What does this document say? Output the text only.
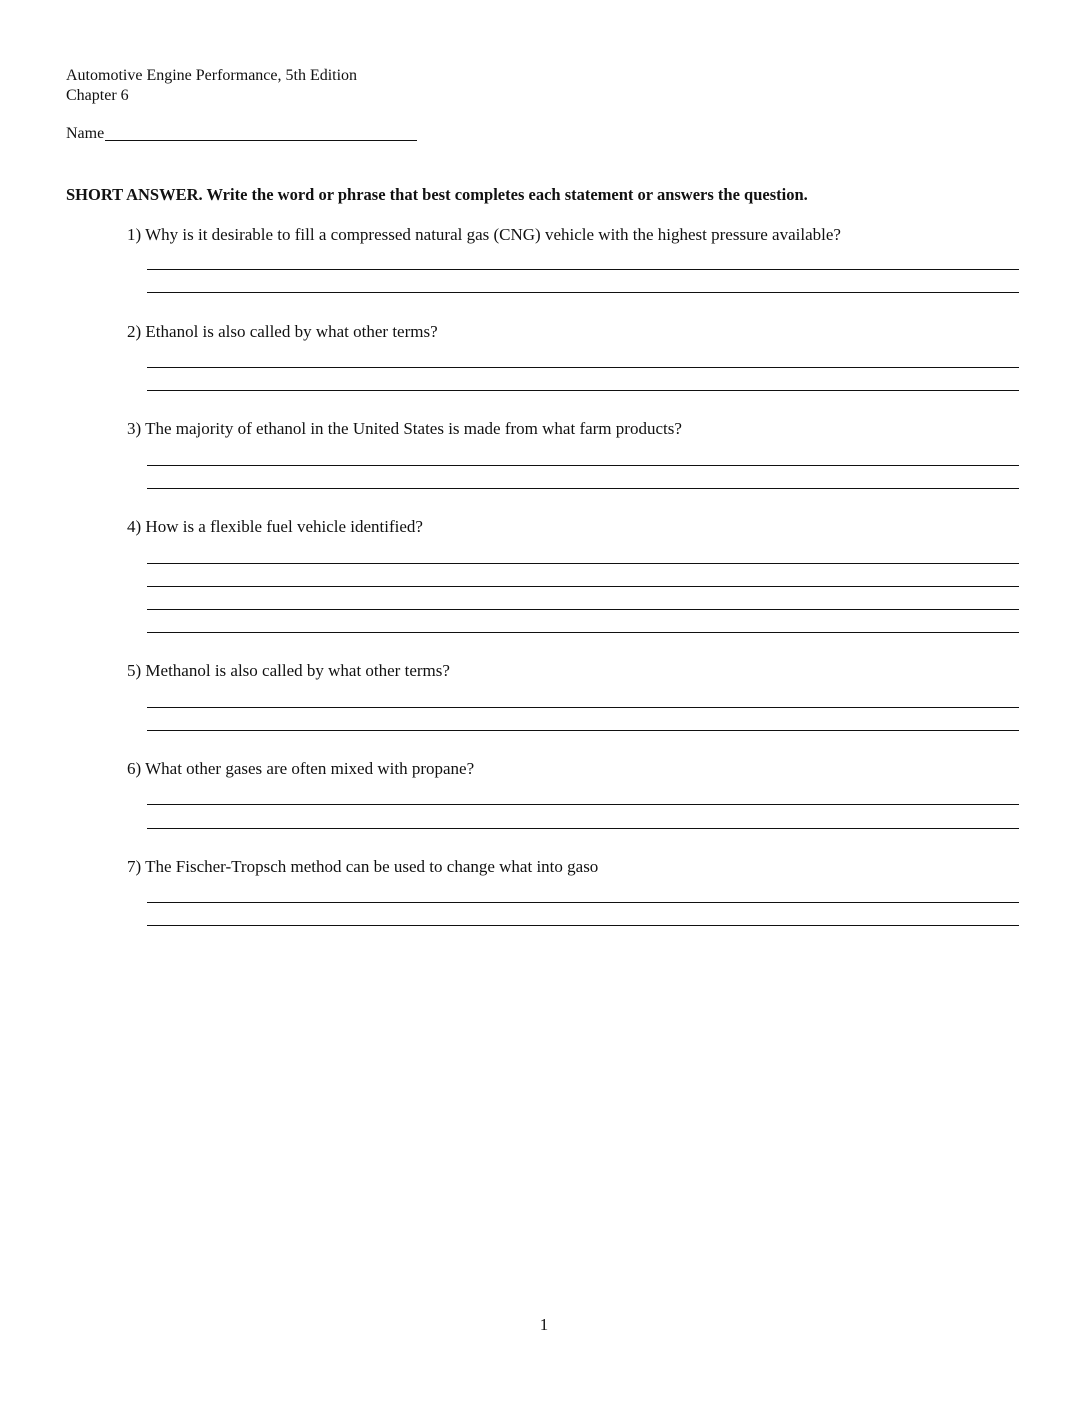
Automotive Engine Performance, 5th Edition
Chapter 6
Name
SHORT ANSWER. Write the word or phrase that best completes each statement or answers the question.
1) Why is it desirable to fill a compressed natural gas (CNG) vehicle with the highest pressure available?
2) Ethanol is also called by what other terms?
3) The majority of ethanol in the United States is made from what farm products?
4) How is a flexible fuel vehicle identified?
5) Methanol is also called by what other terms?
6) What other gases are often mixed with propane?
7) The Fischer-Tropsch method can be used to change what into gaso
1
